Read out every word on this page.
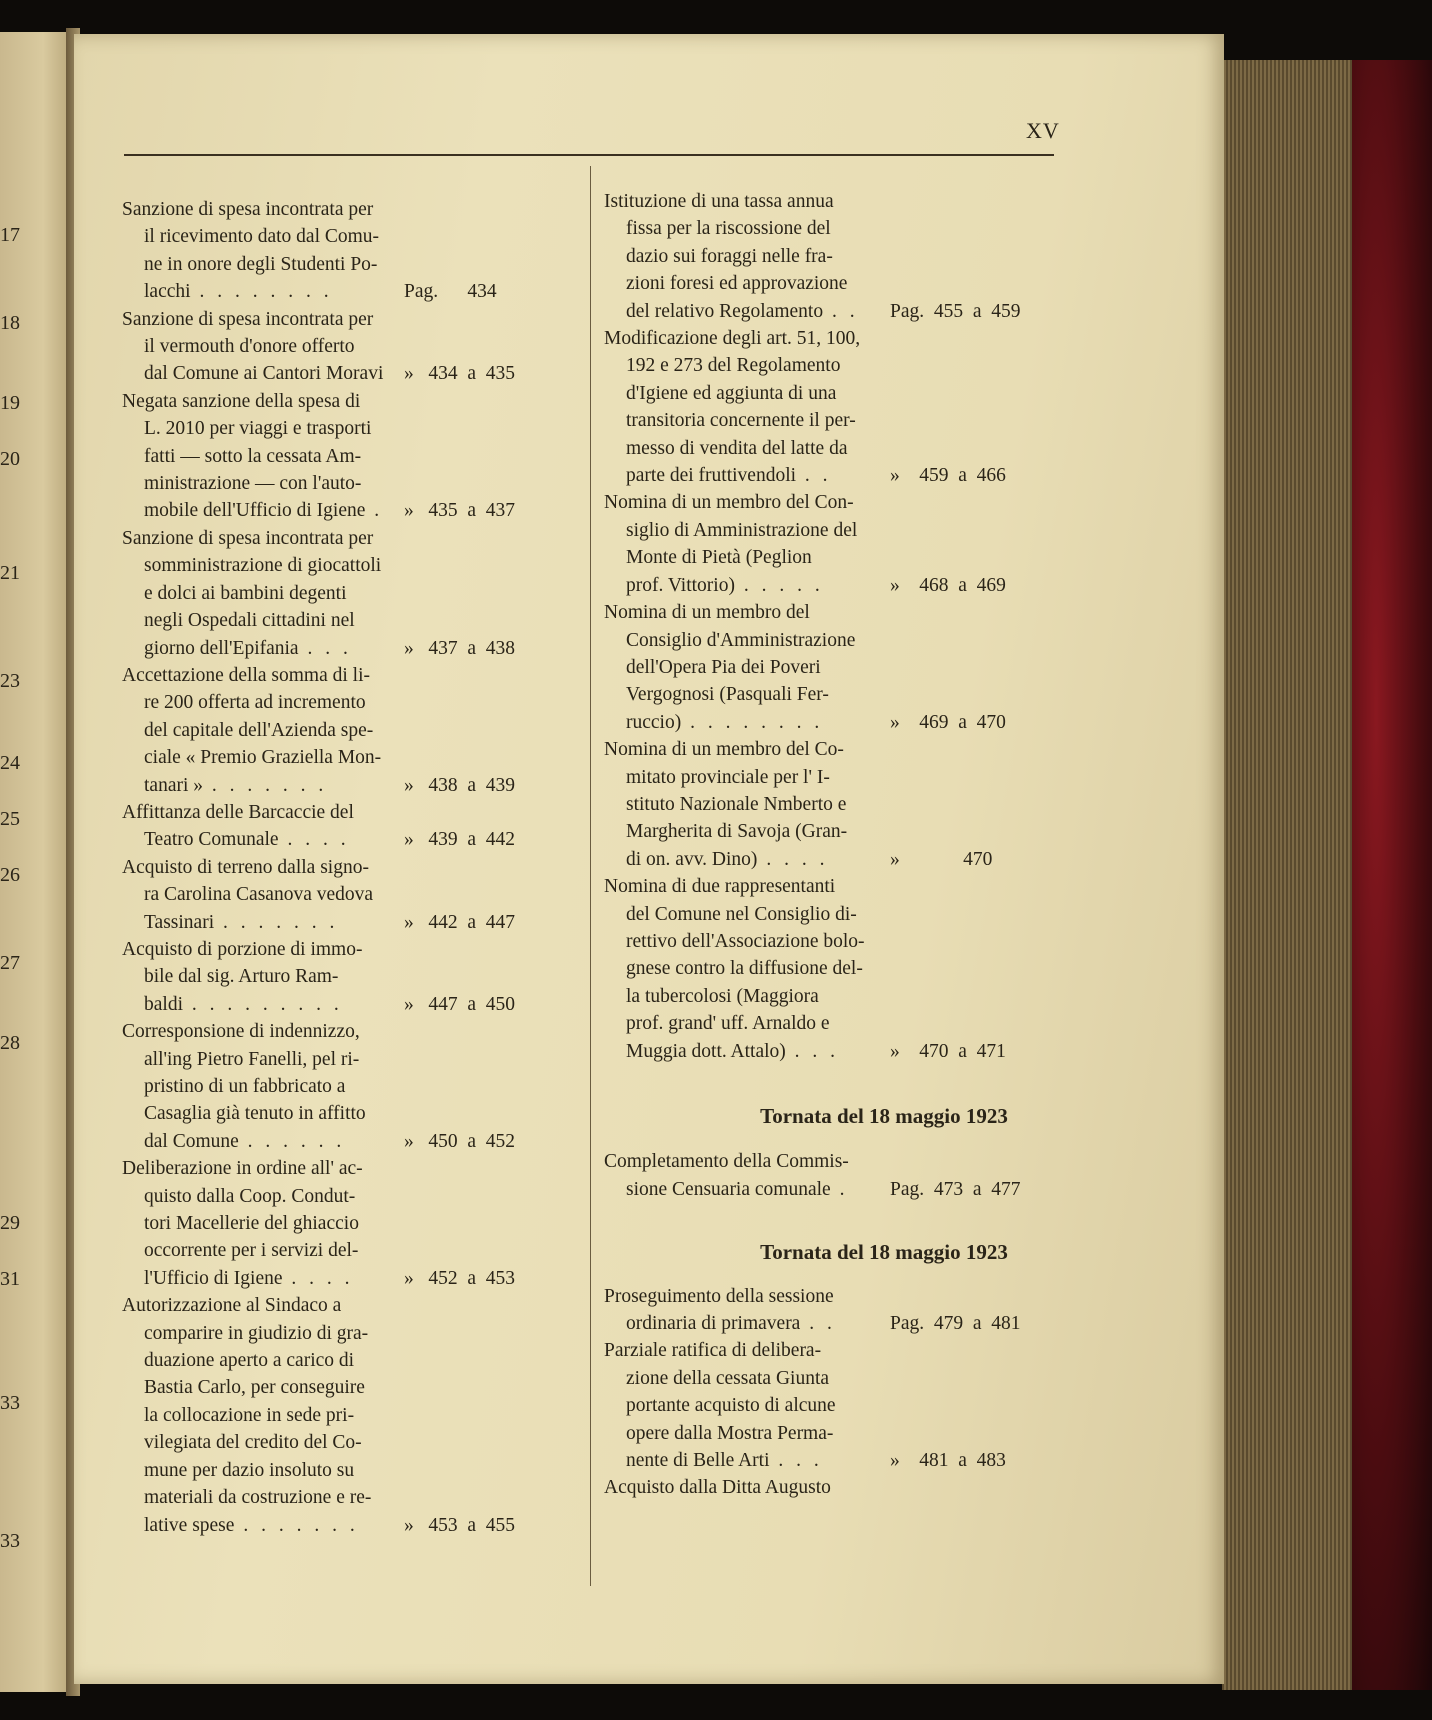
17
18
19
20
21
23
24
25
26
27
28
29
31
33
33
XV
Sanzione di spesa incontrata per
il ricevimento dato dal Comu-
ne in onore degli Studenti Po-
lacchi . . . . . . . .	Pag.      434
Sanzione di spesa incontrata per
il vermouth d'onore offerto
dal Comune ai Cantori Moravi »   434  a  435
Negata sanzione della spesa di
L. 2010 per viaggi e trasporti
fatti — sotto la cessata Am-
ministrazione — con l'auto-
mobile dell'Ufficio di Igiene . »   435  a  437
Sanzione di spesa incontrata per
somministrazione di giocattoli
e dolci ai bambini degenti
negli Ospedali cittadini nel
giorno dell'Epifania . . .	»   437  a  438
Accettazione della somma di li-
re 200 offerta ad incremento
del capitale dell'Azienda spe-
ciale « Premio Graziella Mon-
tanari » . . . . . . .	»   438  a  439
Affittanza delle Barcaccie del
Teatro Comunale . . . .	»   439  a  442
Acquisto di terreno dalla signo-
ra Carolina Casanova vedova
Tassinari . . . . . . .	»   442  a  447
Acquisto di porzione di immo-
bile dal sig. Arturo Ram-
baldi . . . . . . . . .	»   447  a  450
Corresponsione di indennizzo,
all'ing Pietro Fanelli, pel ri-
pristino di un fabbricato a
Casaglia già tenuto in affitto
dal Comune . . . . . .	»   450  a  452
Deliberazione in ordine all' ac-
quisto dalla Coop. Condut-
tori Macellerie del ghiaccio
occorrente per i servizi del-
l'Ufficio di Igiene . . . .	»   452  a  453
Autorizzazione al Sindaco a
comparire in giudizio di gra-
duazione aperto a carico di
Bastia Carlo, per conseguire
la collocazione in sede pri-
vilegiata del credito del Co-
mune per dazio insoluto su
materiali da costruzione e re-
lative spese . . . . . . . »   453  a  455
Istituzione di una tassa annua
fissa per la riscossione del
dazio sui foraggi nelle fra-
zioni foresi ed approvazione
del relativo Regolamento . . Pag.  455  a  459
Modificazione degli art. 51, 100,
192 e 273 del Regolamento
d'Igiene ed aggiunta di una
transitoria concernente il per-
messo di vendita del latte da
parte dei fruttivendoli . .	»    459  a  466
Nomina di un membro del Con-
siglio di Amministrazione del
Monte di Pietà (Peglion
prof. Vittorio) . . . . .	»    468  a  469
Nomina di un membro del
Consiglio d'Amministrazione
dell'Opera Pia dei Poveri
Vergognosi (Pasquali Fer-
ruccio) . . . . . . . .	»    469  a  470
Nomina di un membro del Co-
mitato provinciale per l' I-
stituto Nazionale Nmberto e
Margherita di Savoja (Gran-
di on. avv. Dino) . . . .	»             470
Nomina di due rappresentanti
del Comune nel Consiglio di-
rettivo dell'Associazione bolo-
gnese contro la diffusione del-
la tubercolosi (Maggiora
prof. grand' uff. Arnaldo e
Muggia dott. Attalo) . . .	»    470  a  471
Tornata del 18 maggio 1923
Completamento della Commis-
sione Censuaria comunale . Pag.  473  a  477
Tornata del 18 maggio 1923
Proseguimento della sessione
ordinaria di primavera . .	Pag.  479  a  481
Parziale ratifica di delibera-
zione della cessata Giunta
portante acquisto di alcune
opere dalla Mostra Perma-
nente di Belle Arti . . .	»    481  a  483
Acquisto dalla Ditta Augusto
